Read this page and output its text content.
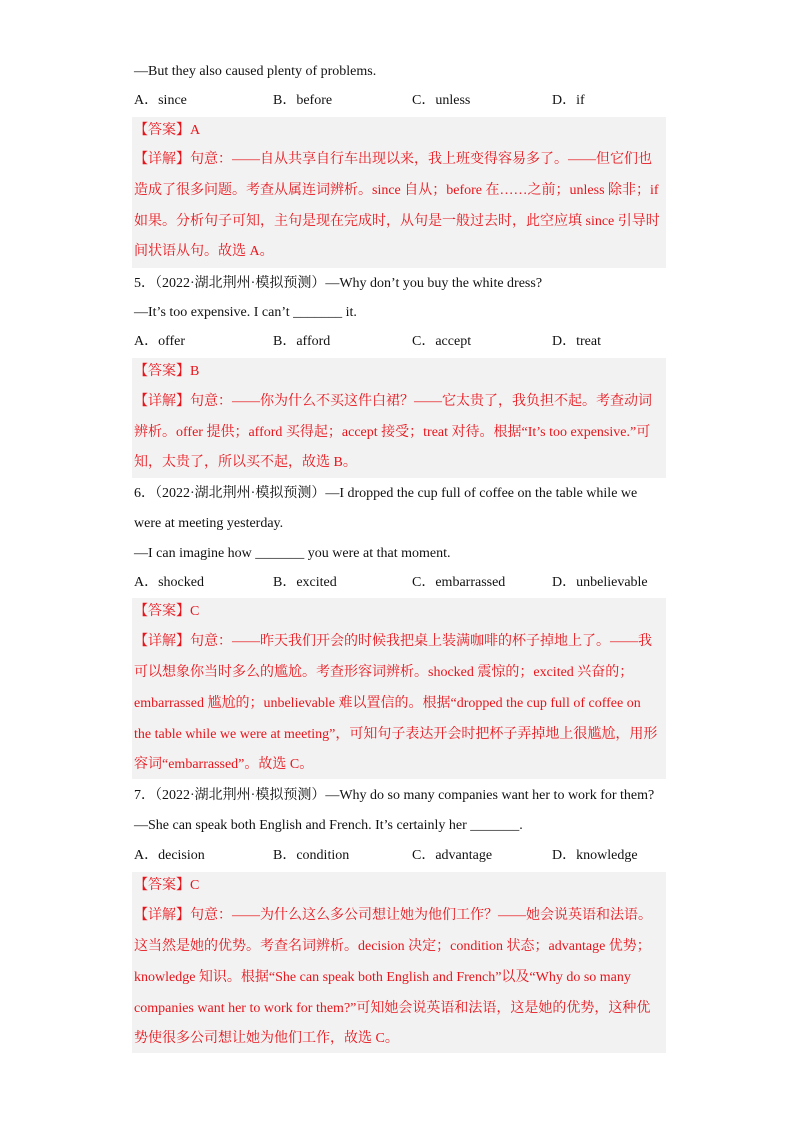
—But they also caused plenty of problems.
A．since	B．before	C．unless	D．if
【答案】A
【详解】句意：——自从共享自行车出现以来，我上班变得容易多了。——但它们也
造成了很多问题。考查从属连词辨析。since 自从；before 在……之前；unless 除非；if
如果。分析句子可知，主句是现在完成时，从句是一般过去时，此空应填 since 引导时
间状语从句。故选 A。
5．（2022·湖北荆州·模拟预测）—Why don’t you buy the white dress?
—It’s too expensive. I can’t _______ it.
A．offer	B．afford	C．accept	D．treat
【答案】B
【详解】句意：——你为什么不买这件白裙？——它太贵了，我负担不起。考查动词
辨析。offer 提供；afford 买得起；accept 接受；treat 对待。根据“It’s too expensive.”可
知，太贵了，所以买不起，故选 B。
6．（2022·湖北荆州·模拟预测）—I dropped the cup full of coffee on the table while we
were at meeting yesterday.
—I can imagine how _______ you were at that moment.
A．shocked	B．excited	C．embarrassed	D．unbelievable
【答案】C
【详解】句意：——昨天我们开会的时候我把桌上装满咖啡的杯子掉地上了。——我
可以想象你当时多么的尴尬。考查形容词辨析。shocked 震惊的；excited 兴奋的；
embarrassed 尴尬的；unbelievable 难以置信的。根据“dropped the cup full of coffee on
the table while we were at meeting”，可知句子表达开会时把杯子弄掉地上很尴尬，用形
容词“embarrassed”。故选 C。
7．（2022·湖北荆州·模拟预测）—Why do so many companies want her to work for them?
—She can speak both English and French. It’s certainly her _______.
A．decision	B．condition	C．advantage	D．knowledge
【答案】C
【详解】句意：——为什么这么多公司想让她为他们工作？——她会说英语和法语。
这当然是她的优势。考查名词辨析。decision 决定；condition 状态；advantage 优势；
knowledge 知识。根据“She can speak both English and French”以及“Why do so many
companies want her to work for them?”可知她会说英语和法语，这是她的优势，这种优
势使很多公司想让她为他们工作，故选 C。
